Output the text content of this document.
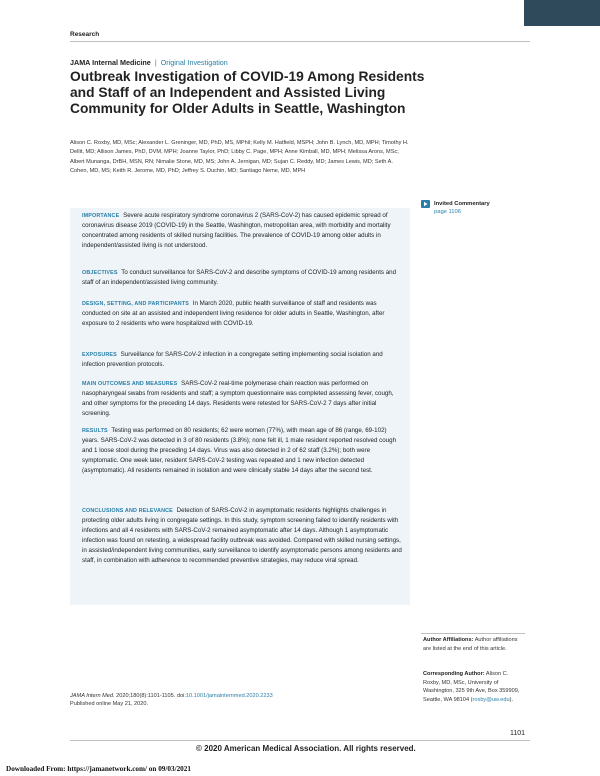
Research
JAMA Internal Medicine | Original Investigation
Outbreak Investigation of COVID-19 Among Residents and Staff of an Independent and Assisted Living Community for Older Adults in Seattle, Washington
Alison C. Roxby, MD, MSc; Alexander L. Greninger, MD, PhD, MS, MPhil; Kelly M. Hatfield, MSPH; John B. Lynch, MD, MPH; Timothy H. Dellit, MD; Allison James, PhD, DVM, MPH; Joanne Taylor, PhD; Libby C. Page, MPH; Anne Kimball, MD, MPH; Melissa Arons, MSc; Albert Munanga, DrBH, MSN, RN; Nimalie Stone, MD, MS; John A. Jernigan, MD; Sujan C. Reddy, MD; James Lewis, MD; Seth A. Cohen, MD, MS; Keith R. Jerome, MD, PhD; Jeffrey S. Duchin, MD; Santiago Neme, MD, MPH
Invited Commentary
page 1106

IMPORTANCE Severe acute respiratory syndrome coronavirus 2 (SARS-CoV-2) has caused epidemic spread of coronavirus disease 2019 (COVID-19) in the Seattle, Washington, metropolitan area, with morbidity and mortality concentrated among residents of skilled nursing facilities. The prevalence of COVID-19 among older adults in independent/assisted living is not understood.

OBJECTIVES To conduct surveillance for SARS-CoV-2 and describe symptoms of COVID-19 among residents and staff of an independent/assisted living community.

DESIGN, SETTING, AND PARTICIPANTS In March 2020, public health surveillance of staff and residents was conducted on site at an assisted and independent living residence for older adults in Seattle, Washington, after exposure to 2 residents who were hospitalized with COVID-19.

EXPOSURES Surveillance for SARS-CoV-2 infection in a congregate setting implementing social isolation and infection prevention protocols.

MAIN OUTCOMES AND MEASURES SARS-CoV-2 real-time polymerase chain reaction was performed on nasopharyngeal swabs from residents and staff; a symptom questionnaire was completed assessing fever, cough, and other symptoms for the preceding 14 days. Residents were retested for SARS-CoV-2 7 days after initial screening.

RESULTS Testing was performed on 80 residents; 62 were women (77%), with mean age of 86 (range, 69-102) years. SARS-CoV-2 was detected in 3 of 80 residents (3.8%); none felt ill, 1 male resident reported resolved cough and 1 loose stool during the preceding 14 days. Virus was also detected in 2 of 62 staff (3.2%); both were symptomatic. One week later, resident SARS-CoV-2 testing was repeated and 1 new infection detected (asymptomatic). All residents remained in isolation and were clinically stable 14 days after the second test.

CONCLUSIONS AND RELEVANCE Detection of SARS-CoV-2 in asymptomatic residents highlights challenges in protecting older adults living in congregate settings. In this study, symptom screening failed to identify residents with infections and all 4 residents with SARS-CoV-2 remained asymptomatic after 14 days. Although 1 asymptomatic infection was found on retesting, a widespread facility outbreak was avoided. Compared with skilled nursing settings, in assisted/independent living communities, early surveillance to identify asymptomatic persons among residents and staff, in combination with adherence to recommended preventive strategies, may reduce viral spread.

JAMA Intern Med. 2020;180(8):1101-1105. doi:10.1001/jamainternmed.2020.2233
Published online May 21, 2020.
Author Affiliations: Author affiliations are listed at the end of this article.
Corresponding Author: Alison C. Roxby, MD, MSc, University of Washington, 325 9th Ave, Box 359909, Seattle, WA 98104 (roxby@uw.edu).
1101
© 2020 American Medical Association. All rights reserved.
Downloaded From: https://jamanetwork.com/ on 09/03/2021
